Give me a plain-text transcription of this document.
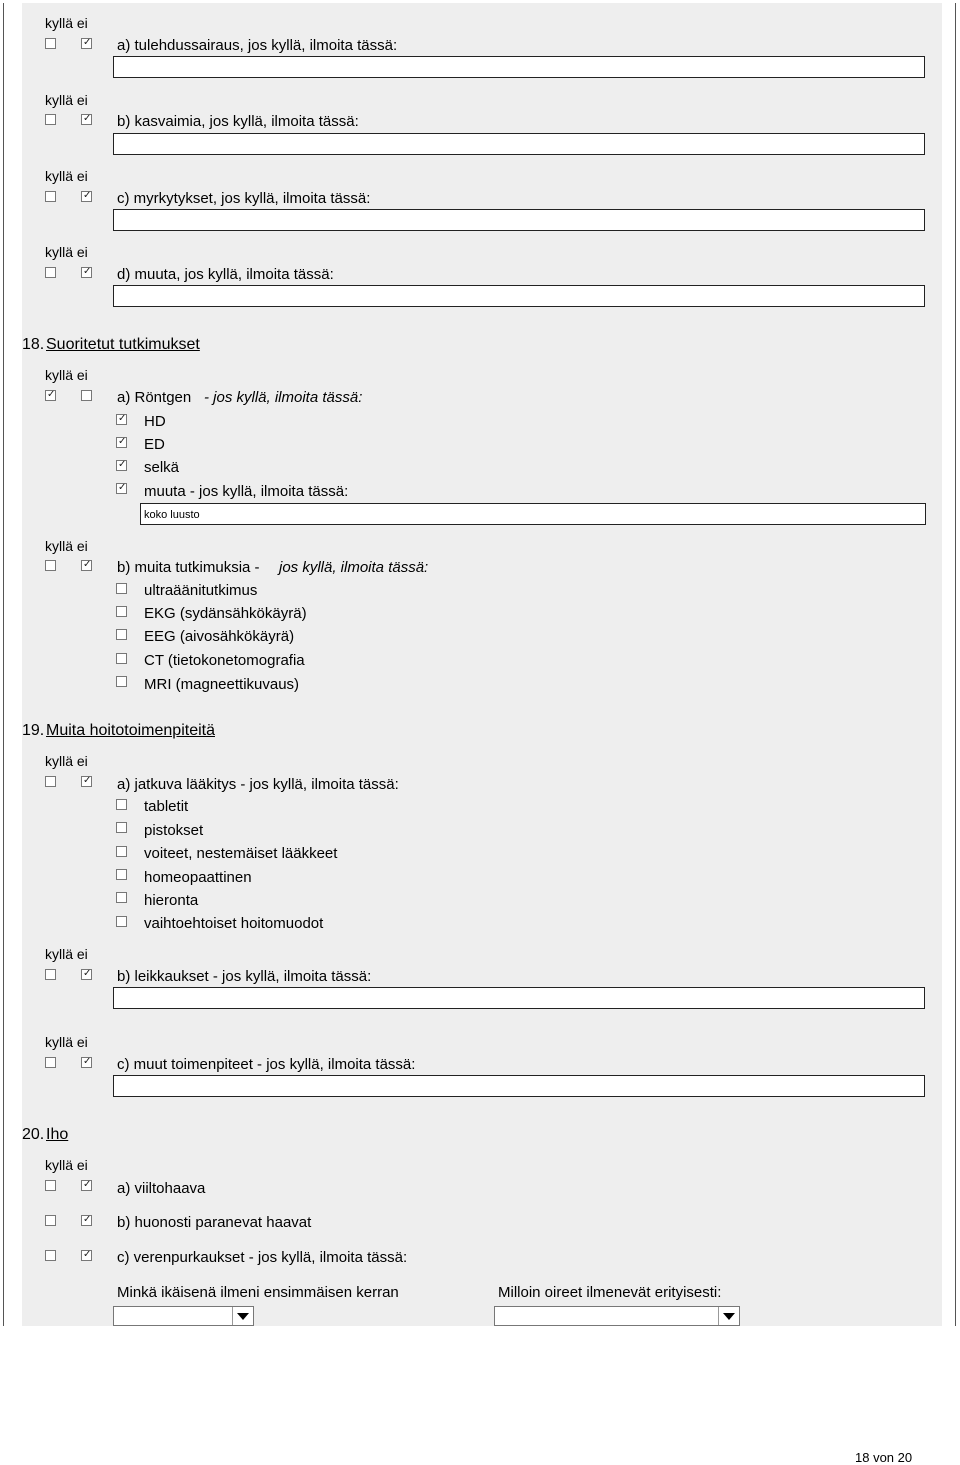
kyllä ei
✓
a) tulehdussairaus, jos kyllä, ilmoita tässä:
kyllä ei
✓
b) kasvaimia, jos kyllä, ilmoita tässä:
kyllä ei
✓
c) myrkytykset, jos kyllä, ilmoita tässä:
kyllä ei
✓
d) muuta, jos kyllä, ilmoita tässä:
18. Suoritetut tutkimukset
kyllä ei
✓
a) Röntgen - jos kyllä, ilmoita tässä:
✓
HD
✓
ED
✓
selkä
✓
muuta - jos kyllä, ilmoita tässä:
koko luusto
kyllä ei
✓
b) muita tutkimuksia - jos kyllä, ilmoita tässä:
ultraäänitutkimus
EKG (sydänsähkökäyrä)
EEG (aivosähkökäyrä)
CT (tietokonetomografia
MRI (magneettikuvaus)
19. Muita hoitotoimenpiteitä
kyllä ei
✓
a) jatkuva lääkitys - jos kyllä, ilmoita tässä:
tabletit
pistokset
voiteet, nestemäiset lääkkeet
homeopaattinen
hieronta
vaihtoehtoiset hoitomuodot
kyllä ei
✓
b) leikkaukset - jos kyllä, ilmoita tässä:
kyllä ei
✓
c) muut toimenpiteet - jos kyllä, ilmoita tässä:
20. Iho
kyllä ei
✓
a) viiltohaava
✓
b) huonosti paranevat haavat
✓
c) verenpurkaukset - jos kyllä, ilmoita tässä:
Minkä ikäisenä ilmeni ensimmäisen kerran	Milloin oireet ilmenevät erityisesti:
18 von 20
